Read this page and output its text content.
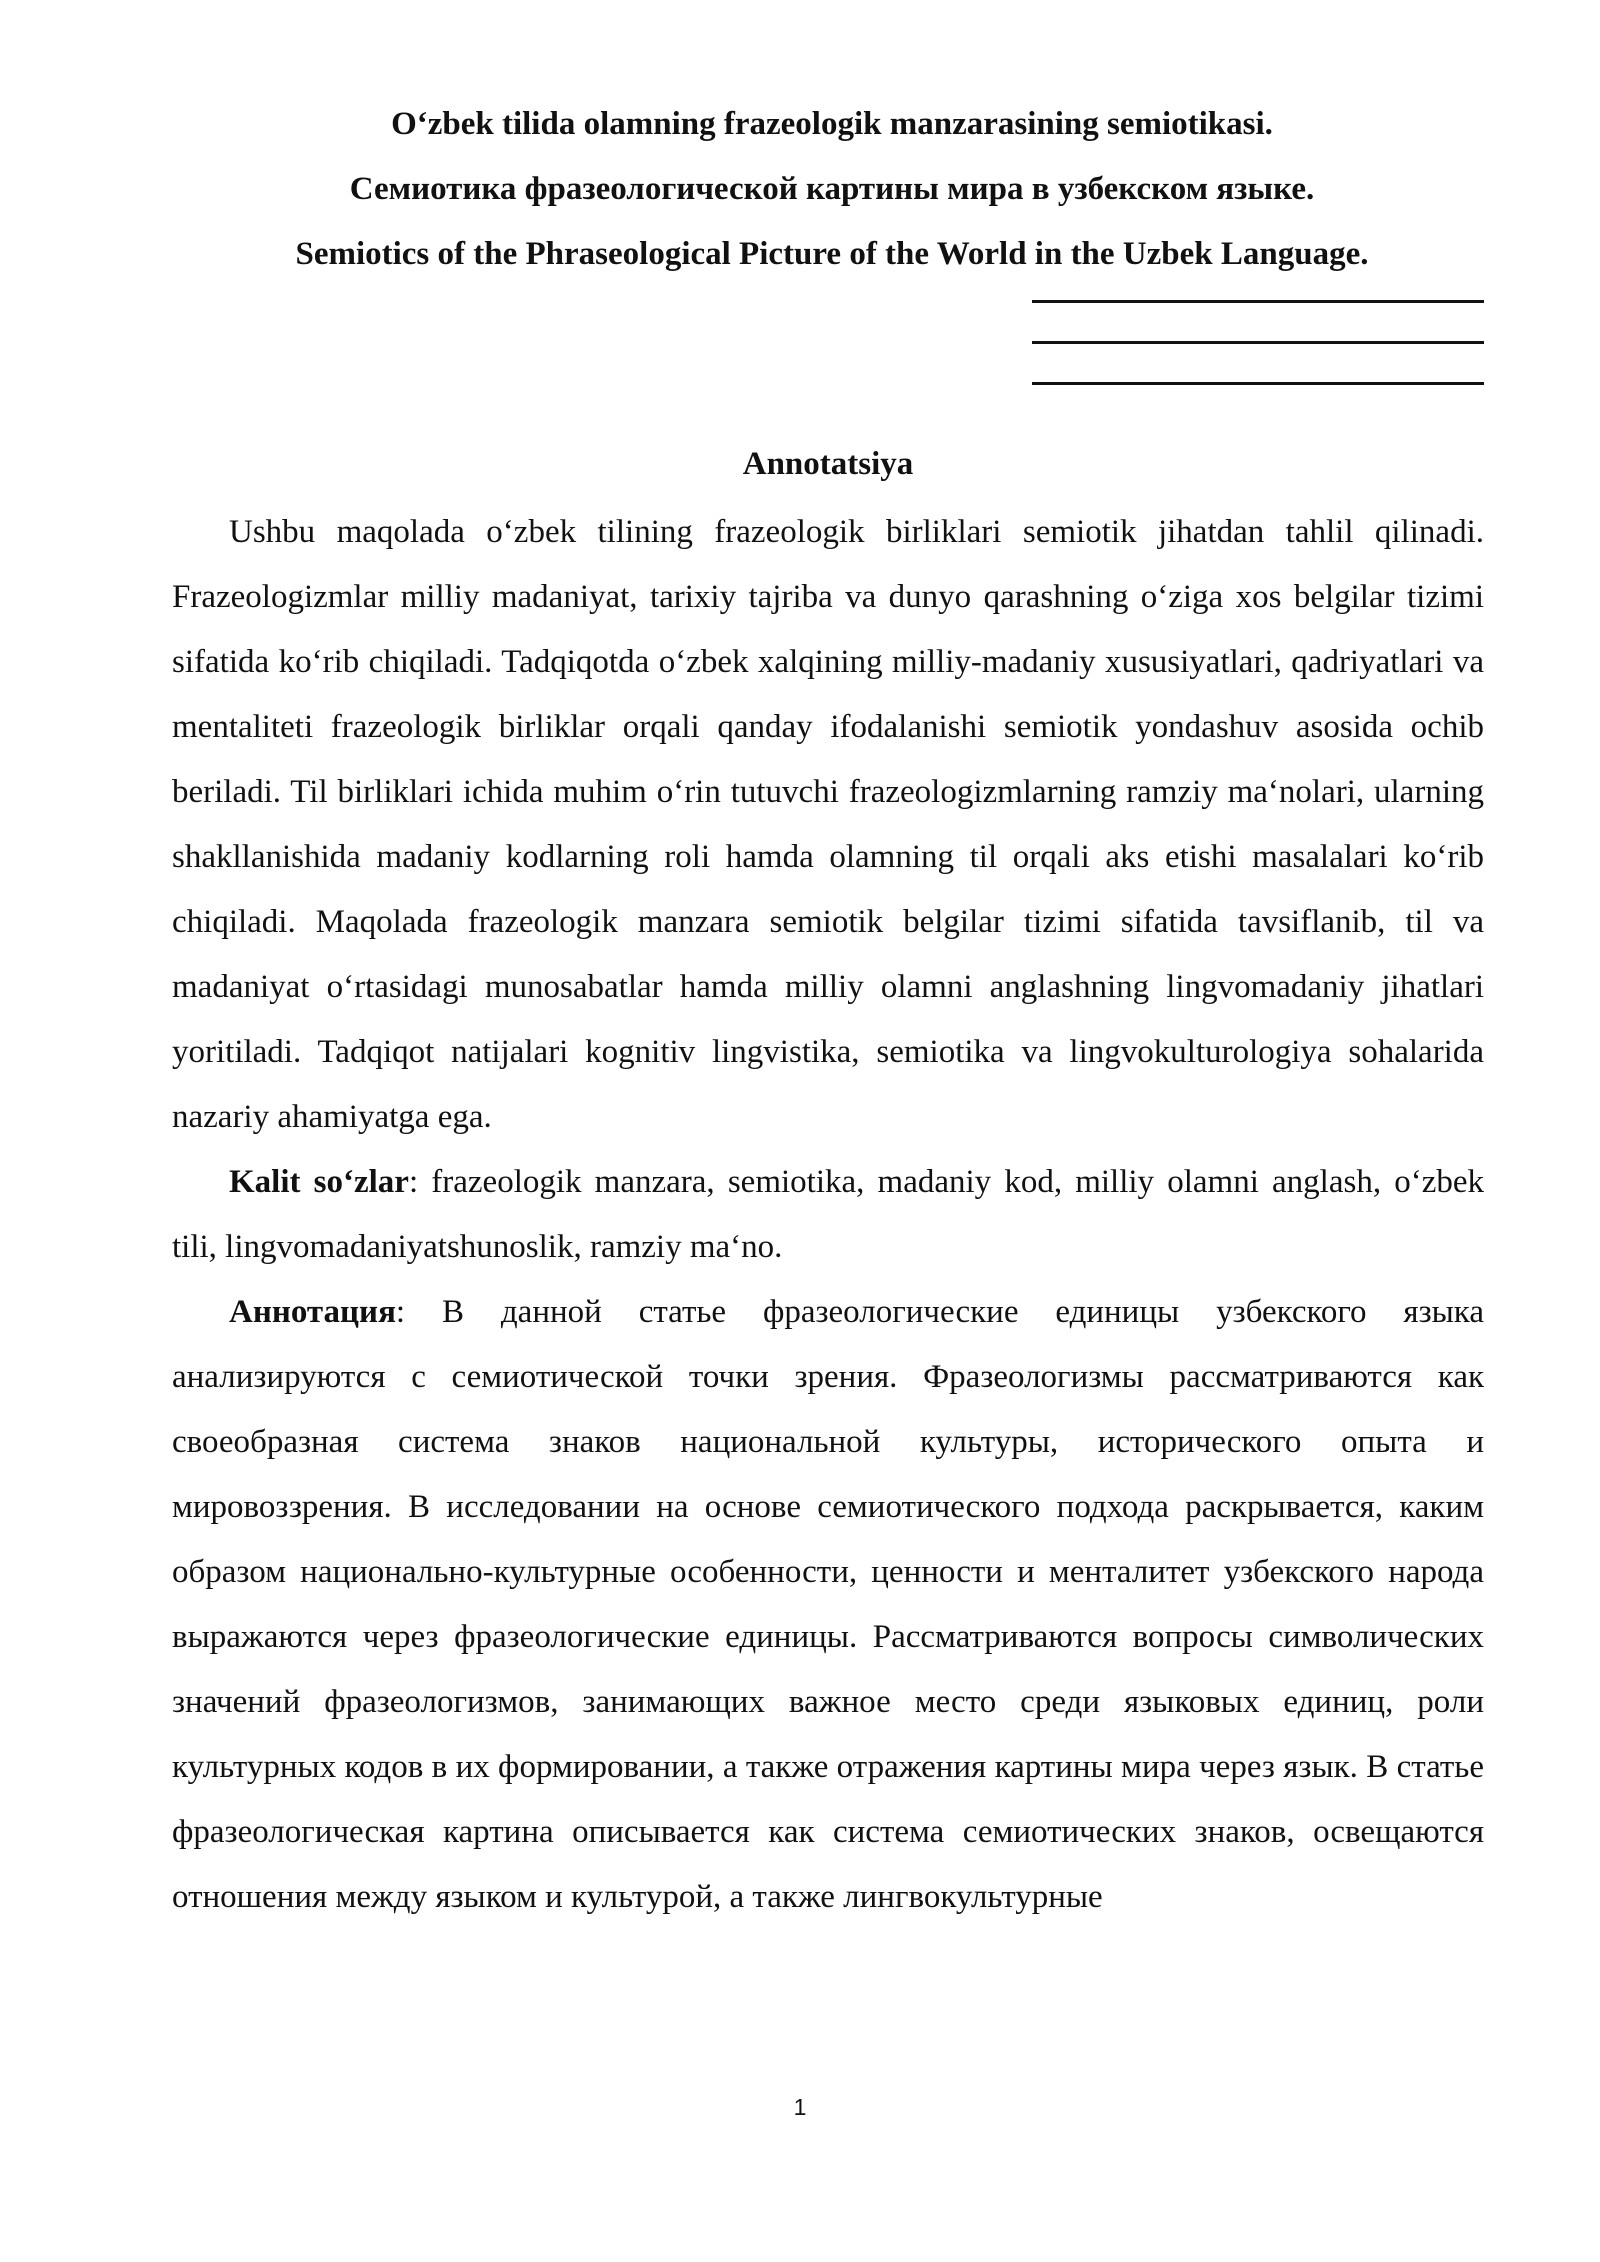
O‘zbek tilida olamning frazeologik manzarasining semiotikasi.
Семиотика фразеологической картины мира в узбекском языке.
Semiotics of the Phraseological Picture of the World in the Uzbek Language.
Annotatsiya

Ushbu maqolada o‘zbek tilining frazeologik birliklari semiotik jihatdan tahlil qilinadi. Frazeologizmlar milliy madaniyat, tarixiy tajriba va dunyo qarashning o‘ziga xos belgilar tizimi sifatida ko‘rib chiqiladi. Tadqiqotda o‘zbek xalqining milliy-madaniy xususiyatlari, qadriyatlari va mentaliteti frazeologik birliklar orqali qanday ifodalanishi semiotik yondashuv asosida ochib beriladi. Til birliklari ichida muhim o‘rin tutuvchi frazeologizmlarning ramziy ma‘nolari, ularning shakllanishida madaniy kodlarning roli hamda olamning til orqali aks etishi masalalari ko‘rib chiqiladi. Maqolada frazeologik manzara semiotik belgilar tizimi sifatida tavsiflanib, til va madaniyat o‘rtasidagi munosabatlar hamda milliy olamni anglashning lingvomadaniy jihatlari yoritiladi. Tadqiqot natijalari kognitiv lingvistika, semiotika va lingvokulturologiya sohalarida nazariy ahamiyatga ega.

Kalit so‘zlar: frazeologik manzara, semiotika, madaniy kod, milliy olamni anglash, o‘zbek tili, lingvomadaniyatshunoslik, ramziy ma‘no.

Аннотация: В данной статье фразеологические единицы узбекского языка анализируются с семиотической точки зрения. Фразеологизмы рассматриваются как своеобразная система знаков национальной культуры, исторического опыта и мировоззрения. В исследовании на основе семиотического подхода раскрывается, каким образом национально-культурные особенности, ценности и менталитет узбекского народа выражаются через фразеологические единицы. Рассматриваются вопросы символических значений фразеологизмов, занимающих важное место среди языковых единиц, роли культурных кодов в их формировании, а также отражения картины мира через язык. В статье фразеологическая картина описывается как система семиотических знаков, освещаются отношения между языком и культурой, а также лингвокультурные

1
